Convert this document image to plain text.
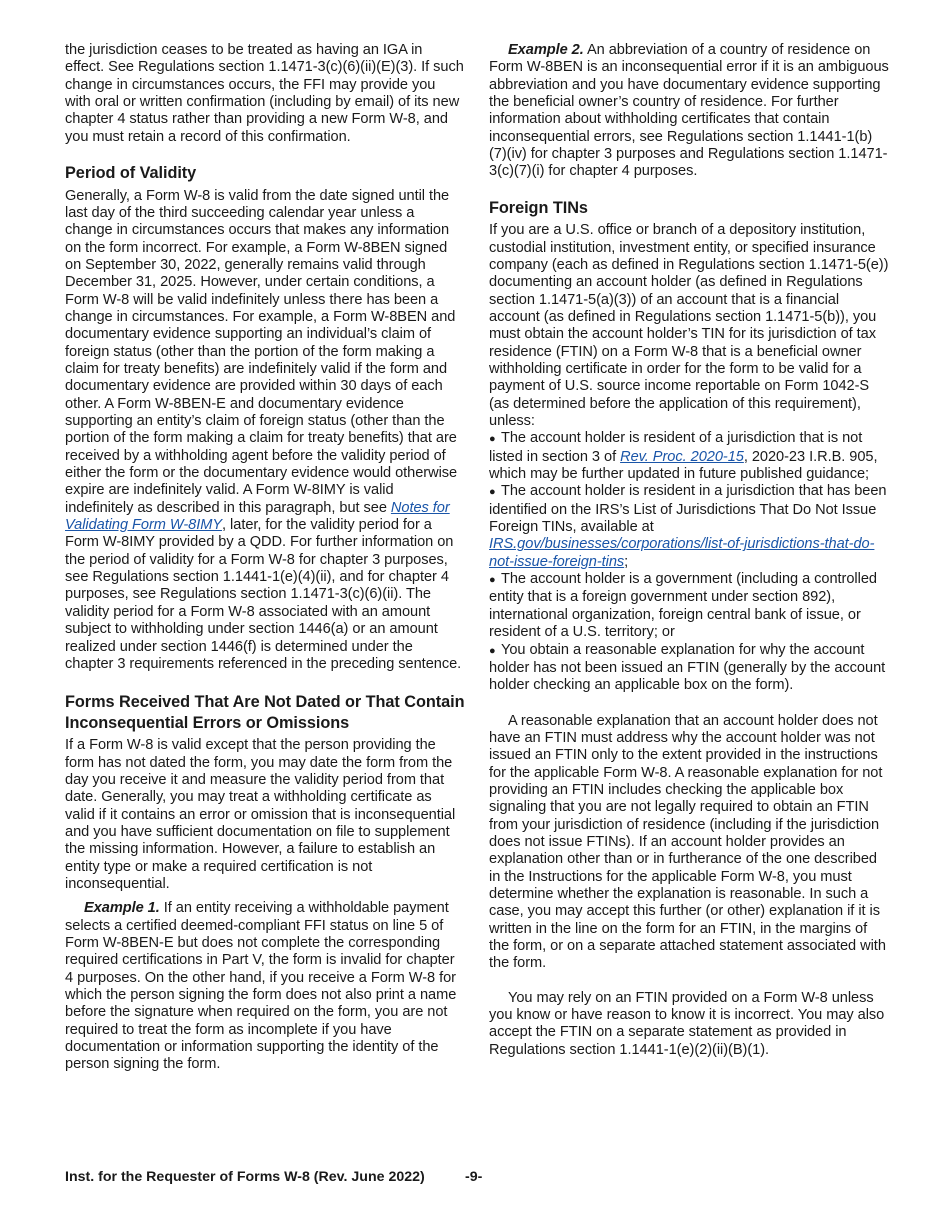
the jurisdiction ceases to be treated as having an IGA in effect. See Regulations section 1.1471-3(c)(6)(ii)(E)(3). If such change in circumstances occurs, the FFI may provide you with oral or written confirmation (including by email) of its new chapter 4 status rather than providing a new Form W-8, and you must retain a record of this confirmation.

Period of Validity

Generally, a Form W-8 is valid from the date signed until the last day of the third succeeding calendar year unless a change in circumstances occurs that makes any information on the form incorrect. For example, a Form W-8BEN signed on September 30, 2022, generally remains valid through December 31, 2025. However, under certain conditions, a Form W-8 will be valid indefinitely unless there has been a change in circumstances. For example, a Form W-8BEN and documentary evidence supporting an individual’s claim of foreign status (other than the portion of the form making a claim for treaty benefits) are indefinitely valid if the form and documentary evidence are provided within 30 days of each other. A Form W-8BEN-E and documentary evidence supporting an entity’s claim of foreign status (other than the portion of the form making a claim for treaty benefits) that are received by a withholding agent before the validity period of either the form or the documentary evidence would otherwise expire are indefinitely valid. A Form W-8IMY is valid indefinitely as described in this paragraph, but see Notes for Validating Form W-8IMY, later, for the validity period for a Form W-8IMY provided by a QDD. For further information on the period of validity for a Form W-8 for chapter 3 purposes, see Regulations section 1.1441-1(e)(4)(ii), and for chapter 4 purposes, see Regulations section 1.1471-3(c)(6)(ii). The validity period for a Form W-8 associated with an amount subject to withholding under section 1446(a) or an amount realized under section 1446(f) is determined under the chapter 3 requirements referenced in the preceding sentence.

Forms Received That Are Not Dated or That Contain Inconsequential Errors or Omissions

If a Form W-8 is valid except that the person providing the form has not dated the form, you may date the form from the day you receive it and measure the validity period from that date. Generally, you may treat a withholding certificate as valid if it contains an error or omission that is inconsequential and you have sufficient documentation on file to supplement the missing information. However, a failure to establish an entity type or make a required certification is not inconsequential.

Example 1. If an entity receiving a withholdable payment selects a certified deemed-compliant FFI status on line 5 of Form W-8BEN-E but does not complete the corresponding required certifications in Part V, the form is invalid for chapter 4 purposes. On the other hand, if you receive a Form W-8 for which the person signing the form does not also print a name before the signature when required on the form, you are not required to treat the form as incomplete if you have documentation or information supporting the identity of the person signing the form.

Example 2. An abbreviation of a country of residence on Form W-8BEN is an inconsequential error if it is an ambiguous abbreviation and you have documentary evidence supporting the beneficial owner’s country of residence. For further information about withholding certificates that contain inconsequential errors, see Regulations section 1.1441-1(b)(7)(iv) for chapter 3 purposes and Regulations section 1.1471-3(c)(7)(i) for chapter 4 purposes.

Foreign TINs

If you are a U.S. office or branch of a depository institution, custodial institution, investment entity, or specified insurance company (each as defined in Regulations section 1.1471-5(e)) documenting an account holder (as defined in Regulations section 1.1471-5(a)(3)) of an account that is a financial account (as defined in Regulations section 1.1471-5(b)), you must obtain the account holder’s TIN for its jurisdiction of tax residence (FTIN) on a Form W-8 that is a beneficial owner withholding certificate in order for the form to be valid for a payment of U.S. source income reportable on Form 1042-S (as determined before the application of this requirement), unless:

● The account holder is resident of a jurisdiction that is not listed in section 3 of Rev. Proc. 2020-15, 2020-23 I.R.B. 905, which may be further updated in future published guidance;

● The account holder is resident in a jurisdiction that has been identified on the IRS’s List of Jurisdictions That Do Not Issue Foreign TINs, available at IRS.gov/businesses/corporations/list-of-jurisdictions-that-do-not-issue-foreign-tins;

● The account holder is a government (including a controlled entity that is a foreign government under section 892), international organization, foreign central bank of issue, or resident of a U.S. territory; or

● You obtain a reasonable explanation for why the account holder has not been issued an FTIN (generally by the account holder checking an applicable box on the form).

A reasonable explanation that an account holder does not have an FTIN must address why the account holder was not issued an FTIN only to the extent provided in the instructions for the applicable Form W-8. A reasonable explanation for not providing an FTIN includes checking the applicable box signaling that you are not legally required to obtain an FTIN from your jurisdiction of residence (including if the jurisdiction does not issue FTINs). If an account holder provides an explanation other than or in furtherance of the one described in the Instructions for the applicable Form W-8, you must determine whether the explanation is reasonable. In such a case, you may accept this further (or other) explanation if it is written in the line on the form for an FTIN, in the margins of the form, or on a separate attached statement associated with the form.

You may rely on an FTIN provided on a Form W-8 unless you know or have reason to know it is incorrect. You may also accept the FTIN on a separate statement as provided in Regulations section 1.1441-1(e)(2)(ii)(B)(1).

Inst. for the Requester of Forms W-8 (Rev. June 2022)	-9-
